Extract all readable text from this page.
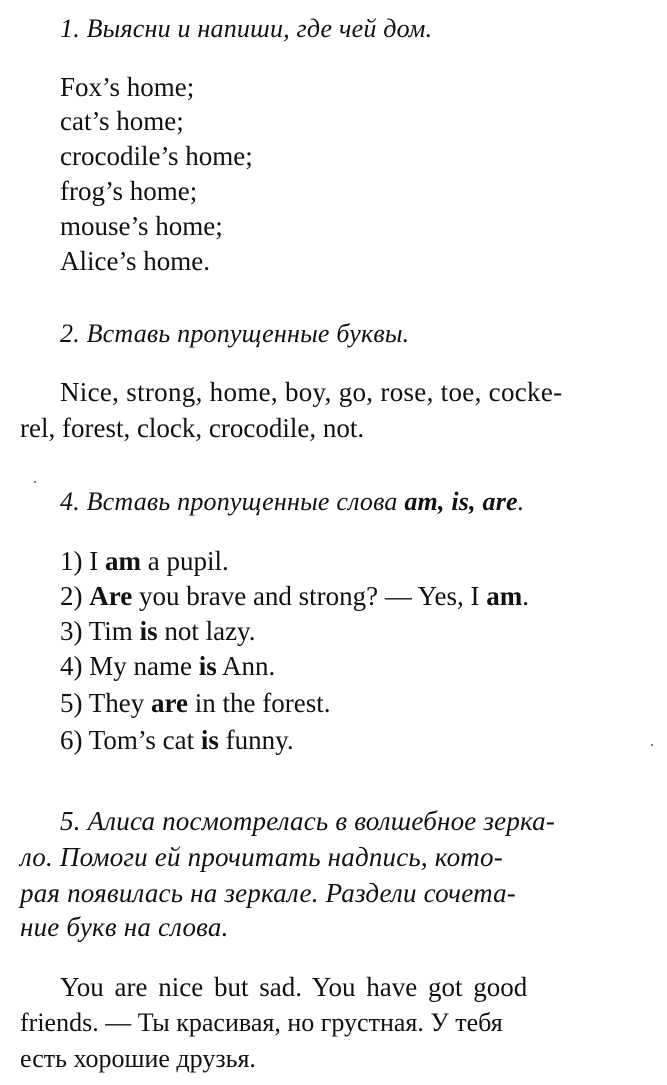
1. Выясни и напиши, где чей дом.
Fox’s home;
cat’s home;
crocodile’s home;
frog’s home;
mouse’s home;
Alice’s home.
2. Вставь пропущенные буквы.
Nice, strong, home, boy, go, rose, toe, cocke-
rel, forest, clock, crocodile, not.
4. Вставь пропущенные слова am, is, are.
1) I am a pupil.
2) Are you brave and strong? — Yes, I am.
3) Tim is not lazy.
4) My name is Ann.
5) They are in the forest.
6) Tom’s cat is funny.
5. Алиса посмотрелась в волшебное зерка-
ло. Помоги ей прочитать надпись, кото-
рая появилась на зеркале. Раздели сочета-
ние букв на слова.
You are nice but sad. You have got good
friends. — Ты красивая, но грустная. У тебя
есть хорошие друзья.
